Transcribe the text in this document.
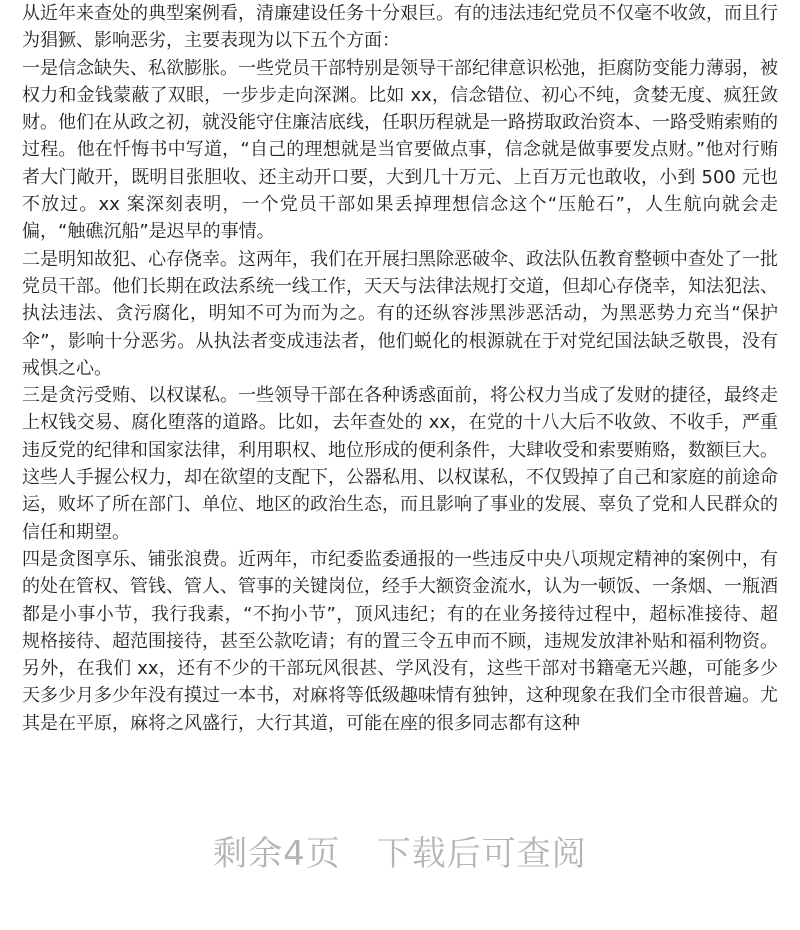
从近年来查处的典型案例看，清廉建设任务十分艰巨。有的违法违纪党员不仅毫不收敛，而且行为猖獗、影响恶劣，主要表现为以下五个方面：

一是信念缺失、私欲膨胀。一些党员干部特别是领导干部纪律意识松弛，拒腐防变能力薄弱，被权力和金钱蒙蔽了双眼，一步步走向深渊。比如 xx，信念错位、初心不纯，贪婪无度、疯狂敛财。他们在从政之初，就没能守住廉洁底线，任职历程就是一路捞取政治资本、一路受贿索贿的过程。他在忏悔书中写道，“自己的理想就是当官要做点事，信念就是做事要发点财。”他对行贿者大门敞开，既明目张胆收、还主动开口要，大到几十万元、上百万元也敢收，小到 500 元也不放过。xx 案深刻表明，一个党员干部如果丢掉理想信念这个“压舱石”，人生航向就会走偏，“触礁沉船”是迟早的事情。

二是明知故犯、心存侥幸。这两年，我们在开展扫黑除恶破伞、政法队伍教育整顿中查处了一批党员干部。他们长期在政法系统一线工作，天天与法律法规打交道，但却心存侥幸，知法犯法、执法违法、贪污腐化，明知不可为而为之。有的还纵容涉黑涉恶活动，为黑恶势力充当“保护伞”，影响十分恶劣。从执法者变成违法者，他们蜕化的根源就在于对党纪国法缺乏敬畏，没有戒惧之心。

三是贪污受贿、以权谋私。一些领导干部在各种诱惑面前，将公权力当成了发财的捷径，最终走上权钱交易、腐化堕落的道路。比如，去年查处的 xx，在党的十八大后不收敛、不收手，严重违反党的纪律和国家法律，利用职权、地位形成的便利条件，大肆收受和索要贿赂，数额巨大。这些人手握公权力，却在欲望的支配下，公器私用、以权谋私，不仅毁掉了自己和家庭的前途命运，败坏了所在部门、单位、地区的政治生态，而且影响了事业的发展、辜负了党和人民群众的信任和期望。

四是贪图享乐、铺张浪费。近两年，市纪委监委通报的一些违反中央八项规定精神的案例中，有的处在管权、管钱、管人、管事的关键岗位，经手大额资金流水，认为一顿饭、一条烟、一瓶酒都是小事小节，我行我素，“不拘小节”，顶风违纪；有的在业务接待过程中，超标准接待、超规格接待、超范围接待，甚至公款吃请；有的置三令五申而不顾，违规发放津补贴和福利物资。另外，在我们 xx，还有不少的干部玩风很甚、学风没有，这些干部对书籍毫无兴趣，可能多少天多少月多少年没有摸过一本书，对麻将等低级趣味情有独钟，这种现象在我们全市很普遍。尤其是在平原，麻将之风盛行，大行其道，可能在座的很多同志都有这种

剩余4页 下载后可查阅
